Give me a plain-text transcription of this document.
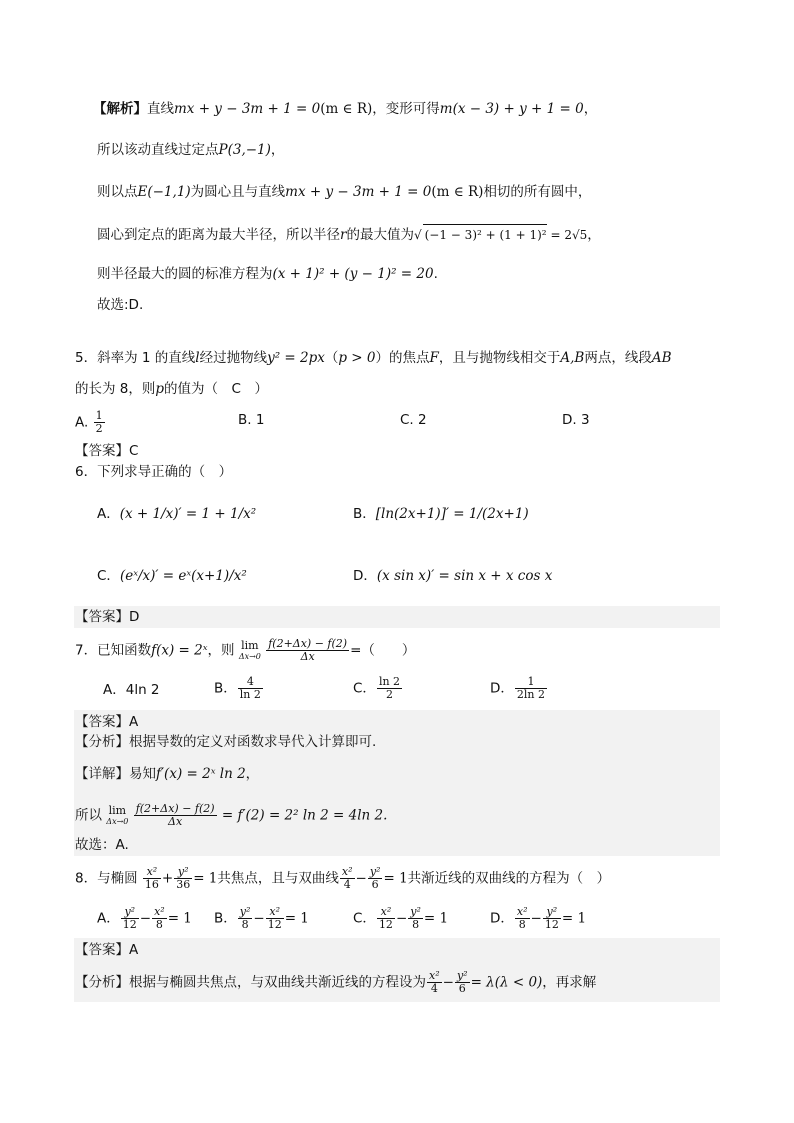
【解析】直线mx + y − 3m + 1 = 0(m ∈ R)，变形可得m(x − 3) + y + 1 = 0，
所以该动直线过定点P(3,−1)，
则以点E(−1,1)为圆心且与直线mx + y − 3m + 1 = 0(m ∈ R)相切的所有圆中，
圆心到定点的距离为最大半径，所以半径r的最大值为√ (−1 − 3)² + (1 + 1)² = 2√5，
则半径最大的圆的标准方程为(x + 1)² + (y − 1)² = 20.
故选:D.
5．斜率为 1 的直线l经过抛物线y² = 2px（p > 0）的焦点F，且与抛物线相交于A,B两点，线段AB
的长为 8，则p的值为（　C　）
A. $\frac{1}{2}$	B. 1	C. 2	D. 3
【答案】C
6．下列求导正确的（　）
A．(x + 1/x)′ = 1 + 1/x²	B．[ln(2x+1)]′ = 1/(2x+1)
C．(eˣ/x)′ = eˣ(x+1)/x²	D．(x sin x)′ = sin x + x cos x
【答案】D
7．已知函数f(x) = 2ˣ，则 lim
Δx→0
$\frac{f(2+\Delta x) - f(2)}{\Delta x}$ =（　　）
A．4ln 2	B． $\frac{4}{\ln 2}$	C． $\frac{\ln 2}{2}$	D． $\frac{1}{2\ln 2}$
【答案】A
【分析】根据导数的定义对函数求导代入计算即可.
【详解】易知f′(x) = 2ˣ ln 2，
所以 lim
Δx→0
$\frac{f(2+\Delta x) - f(2)}{\Delta x} = f'(2) = 2^2$ ln 2 = 4ln 2.
故选：A.
8．与椭圆 $\frac{\text{x²}}{16} + \frac{\text{y²}}{36} = 1$共焦点，且与双曲线 $\frac{\text{x²}}{4} - \frac{\text{y²}}{6} = 1$共渐近线的双曲线的方程为（　）
A． $\frac{\text{y²}}{12} - \frac{\text{x²}}{8} = 1$ B． $\frac{\text{y²}}{8} - \frac{\text{x²}}{12} = 1$	C． $\frac{\text{x²}}{12} - \frac{\text{y²}}{8} = 1$	D． $\frac{\text{x²}}{8} - \frac{\text{y²}}{12} = 1$
【答案】A
【分析】根据与椭圆共焦点，与双曲线共渐近线的方程设为 $\frac{\text{x²}}{4} - \frac{\text{y²}}{6} = \lambda(\lambda < 0)$，再求解
